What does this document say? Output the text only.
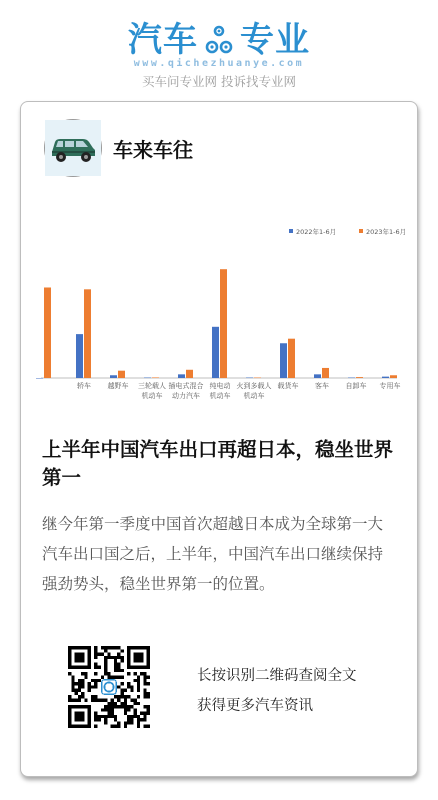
汽车 专业
www.qichezhuanye.com
买车问专业网 投诉找专业网
车来车往
2022年1-6月	2023年1-6月
轿车 越野车 三轮载人
机动车
插电式混合
动力汽车
纯电动
机动车
火到多载人
机动车
载货车 客车 自卸车 专用车
上半年中国汽车出口再超日本，稳坐世界第一
继今年第一季度中国首次超越日本成为全球第一大汽车出口国之后，上半年，中国汽车出口继续保持强劲势头，稳坐世界第一的位置。
长按识别二维码查阅全文
获得更多汽车资讯
